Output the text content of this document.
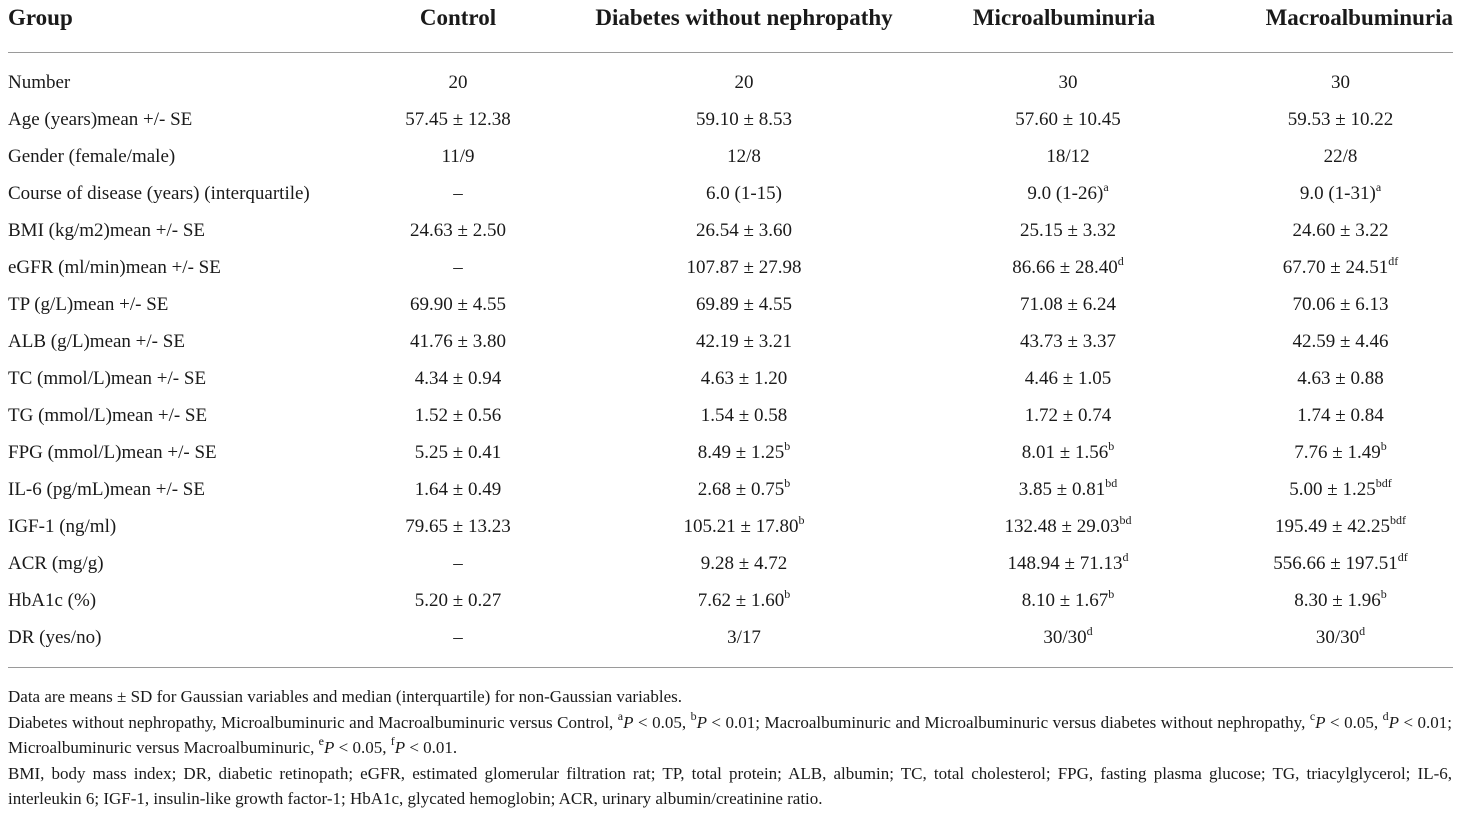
Group	Control	Diabetes without nephropathy	Microalbuminuria	Macroalbuminuria
Number	20	20	30	30
Age (years)mean +/- SE	57.45 ± 12.38	59.10 ± 8.53	57.60 ± 10.45	59.53 ± 10.22
Gender (female/male)	11/9	12/8	18/12	22/8
Course of disease (years) (interquartile)	–	6.0 (1-15)	9.0 $(1-26)^a$	9.0 $(1-31)^a$
BMI (kg/m2)mean +/- SE	24.63 ± 2.50	26.54 ± 3.60	25.15 ± 3.32	24.60 ± 3.22
eGFR (ml/min)mean +/- SE	–	107.87 ± 27.98	86.66 ± 28.40$^d$	67.70 ± 24.51$^{df}$
TP (g/L)mean +/- SE	69.90 ± 4.55	69.89 ± 4.55	71.08 ± 6.24	70.06 ± 6.13
ALB (g/L)mean +/- SE	41.76 ± 3.80	42.19 ± 3.21	43.73 ± 3.37	42.59 ± 4.46
TC (mmol/L)mean +/- SE	4.34 ± 0.94	4.63 ± 1.20	4.46 ± 1.05	4.63 ± 0.88
TG (mmol/L)mean +/- SE	1.52 ± 0.56	1.54 ± 0.58	1.72 ± 0.74	1.74 ± 0.84
FPG (mmol/L)mean +/- SE	5.25 ± 0.41	8.49 ± 1.25$^b$	8.01 ± 1.56$^b$	7.76 ± 1.49$^b$
IL-6 (pg/mL)mean +/- SE	1.64 ± 0.49	2.68 ± 0.75$^b$	3.85 ± 0.81$^{bd}$	5.00 ± 1.25$^{bdf}$
IGF-1 (ng/ml)	79.65 ± 13.23	105.21 ± 17.80$^b$	132.48 ± 29.03$^{bd}$	195.49 ± 42.25$^{bdf}$
ACR (mg/g)	–	9.28 ± 4.72	148.94 ± 71.13$^d$	556.66 ± 197.51$^{df}$
HbA1c (%)	5.20 ± 0.27	7.62 ± 1.60$^b$	8.10 ± 1.67$^b$	8.30 ± 1.96$^b$
DR (yes/no)	–	3/17	30/30$^d$	30/30$^d$

Data are means ± SD for Gaussian variables and median (interquartile) for non-Gaussian variables.

Diabetes without nephropathy, Microalbuminuric and Macroalbuminuric versus Control, $^a$P < 0.05, $^b$P < 0.01; Macroalbuminuric and Microalbuminuric versus diabetes without nephropathy, $^c$P < 0.05, $^d$P < 0.01; Microalbuminuric versus Macroalbuminuric, $^e$P < 0.05, $^f$P < 0.01.

BMI, body mass index; DR, diabetic retinopath; eGFR, estimated glomerular filtration rat; TP, total protein; ALB, albumin; TC, total cholesterol; FPG, fasting plasma glucose; TG, triacylglycerol; IL-6, interleukin 6; IGF-1, insulin-like growth factor-1; HbA1c, glycated hemoglobin; ACR, urinary albumin/creatinine ratio.
